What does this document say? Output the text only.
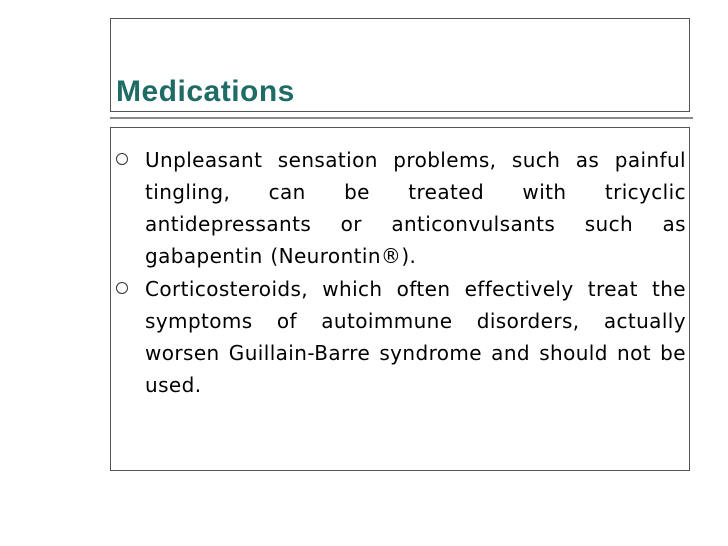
Medications
Unpleasant sensation problems, such as painful tingling, can be treated with tricyclic antidepressants or anticonvulsants such as gabapentin (Neurontin®).
Corticosteroids, which often effectively treat the symptoms of autoimmune disorders, actually worsen Guillain-Barre syndrome and should not be used.
